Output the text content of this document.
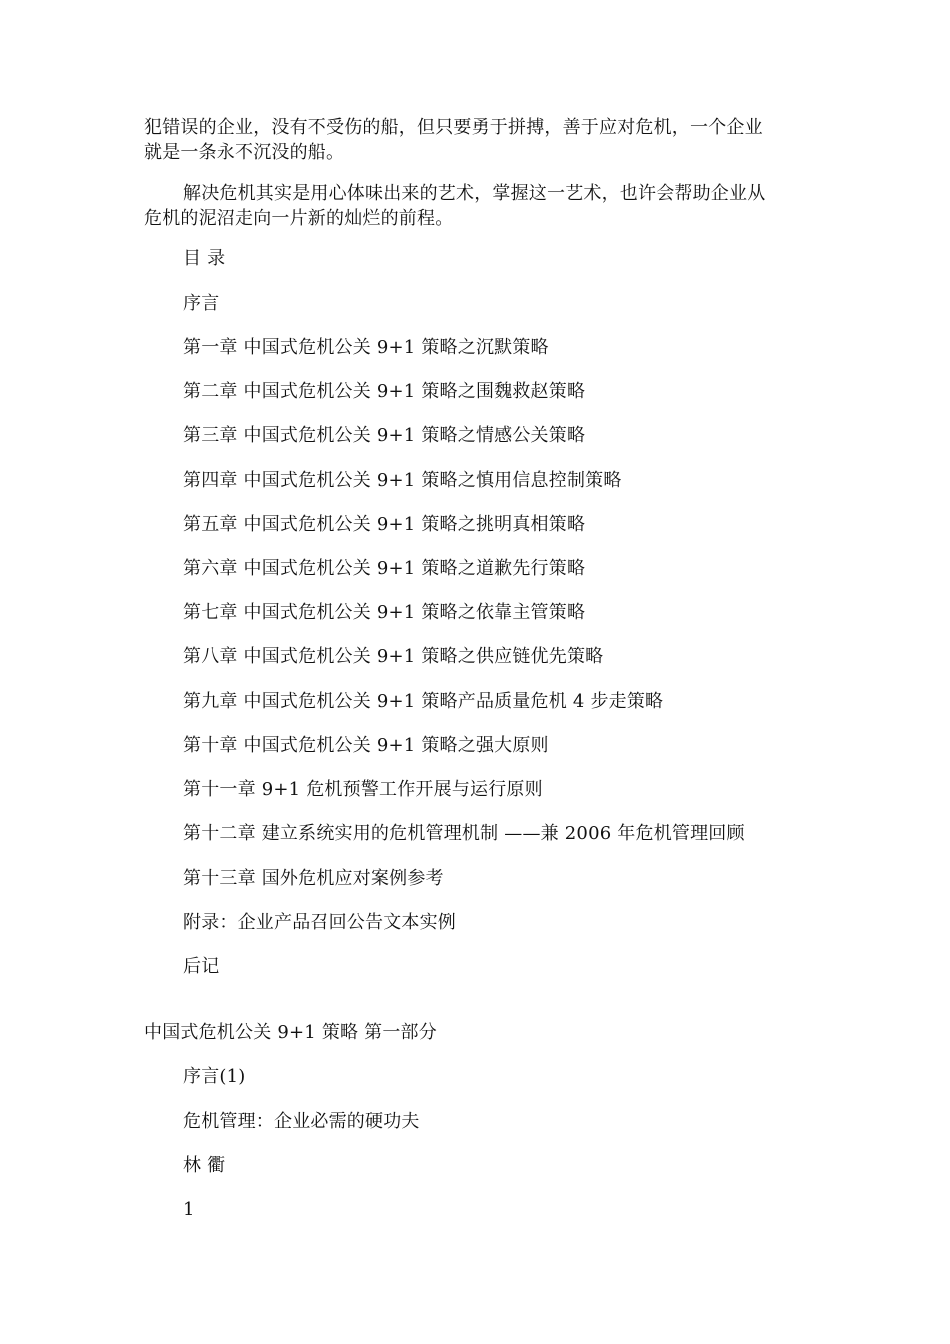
犯错误的企业，没有不受伤的船，但只要勇于拼搏，善于应对危机，一个企业
就是一条永不沉没的船。
解决危机其实是用心体味出来的艺术，掌握这一艺术，也许会帮助企业从
危机的泥沼走向一片新的灿烂的前程。
目 录
序言
第一章 中国式危机公关 9+1 策略之沉默策略
第二章 中国式危机公关 9+1 策略之围魏救赵策略
第三章 中国式危机公关 9+1 策略之情感公关策略
第四章 中国式危机公关 9+1 策略之慎用信息控制策略
第五章 中国式危机公关 9+1 策略之挑明真相策略
第六章 中国式危机公关 9+1 策略之道歉先行策略
第七章 中国式危机公关 9+1 策略之依靠主管策略
第八章 中国式危机公关 9+1 策略之供应链优先策略
第九章 中国式危机公关 9+1 策略产品质量危机 4 步走策略
第十章 中国式危机公关 9+1 策略之强大原则
第十一章 9+1 危机预警工作开展与运行原则
第十二章 建立系统实用的危机管理机制 ——兼 2006 年危机管理回顾
第十三章 国外危机应对案例参考
附录：企业产品召回公告文本实例
后记
中国式危机公关 9+1 策略 第一部分
序言(1)
危机管理：企业必需的硬功夫
林 衢
1
